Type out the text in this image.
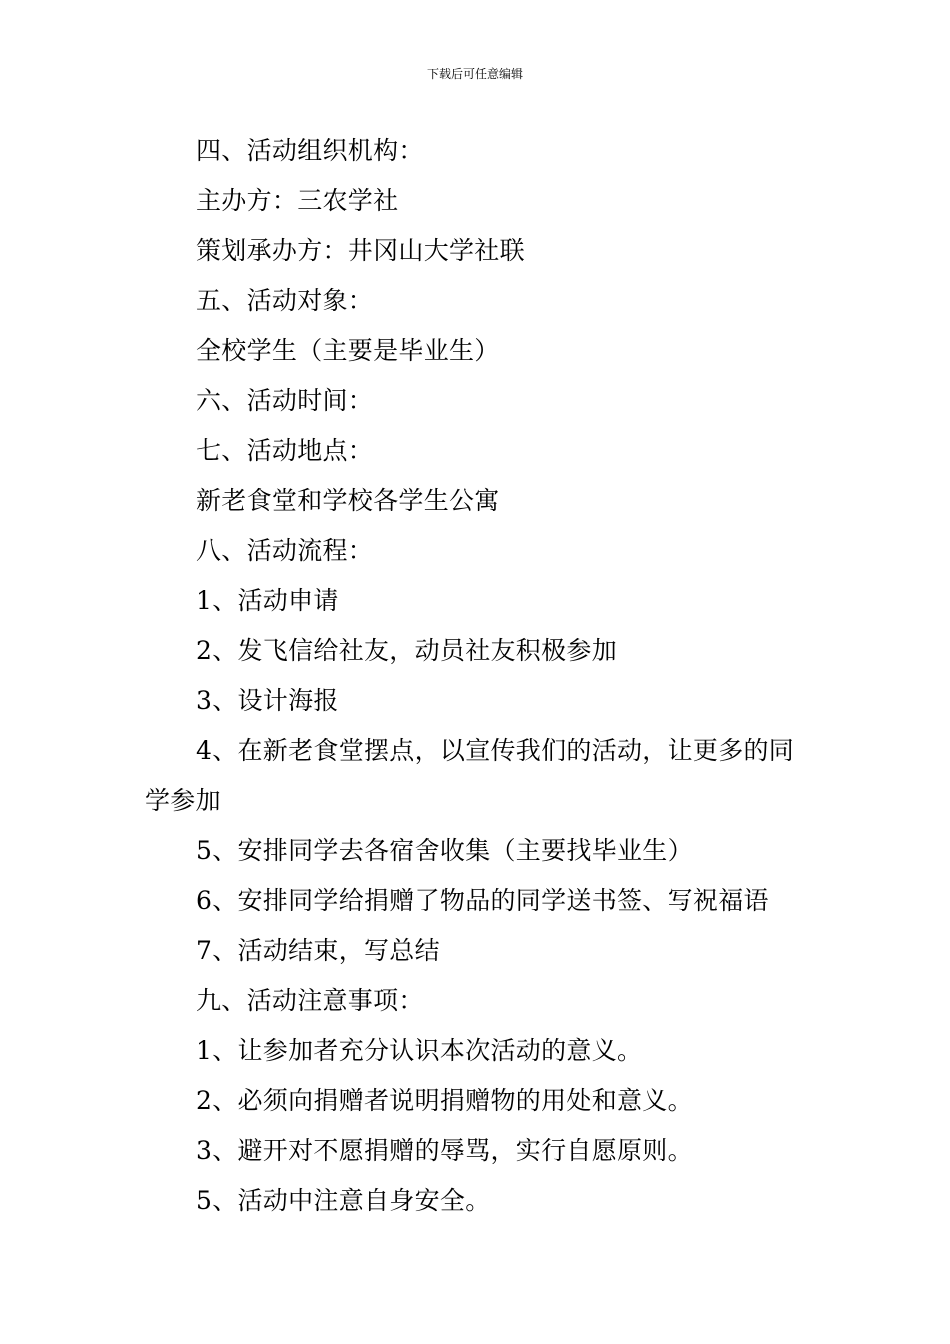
下载后可任意编辑
四、活动组织机构：
主办方：三农学社
策划承办方：井冈山大学社联
五、活动对象：
全校学生（主要是毕业生）
六、活动时间：
七、活动地点：
新老食堂和学校各学生公寓
八、活动流程：
1、活动申请
2、发飞信给社友，动员社友积极参加
3、设计海报
4、在新老食堂摆点，以宣传我们的活动，让更多的同
学参加
5、安排同学去各宿舍收集（主要找毕业生）
6、安排同学给捐赠了物品的同学送书签、写祝福语
7、活动结束，写总结
九、活动注意事项：
1、让参加者充分认识本次活动的意义。
2、必须向捐赠者说明捐赠物的用处和意义。
3、避开对不愿捐赠的辱骂，实行自愿原则。
5、活动中注意自身安全。
